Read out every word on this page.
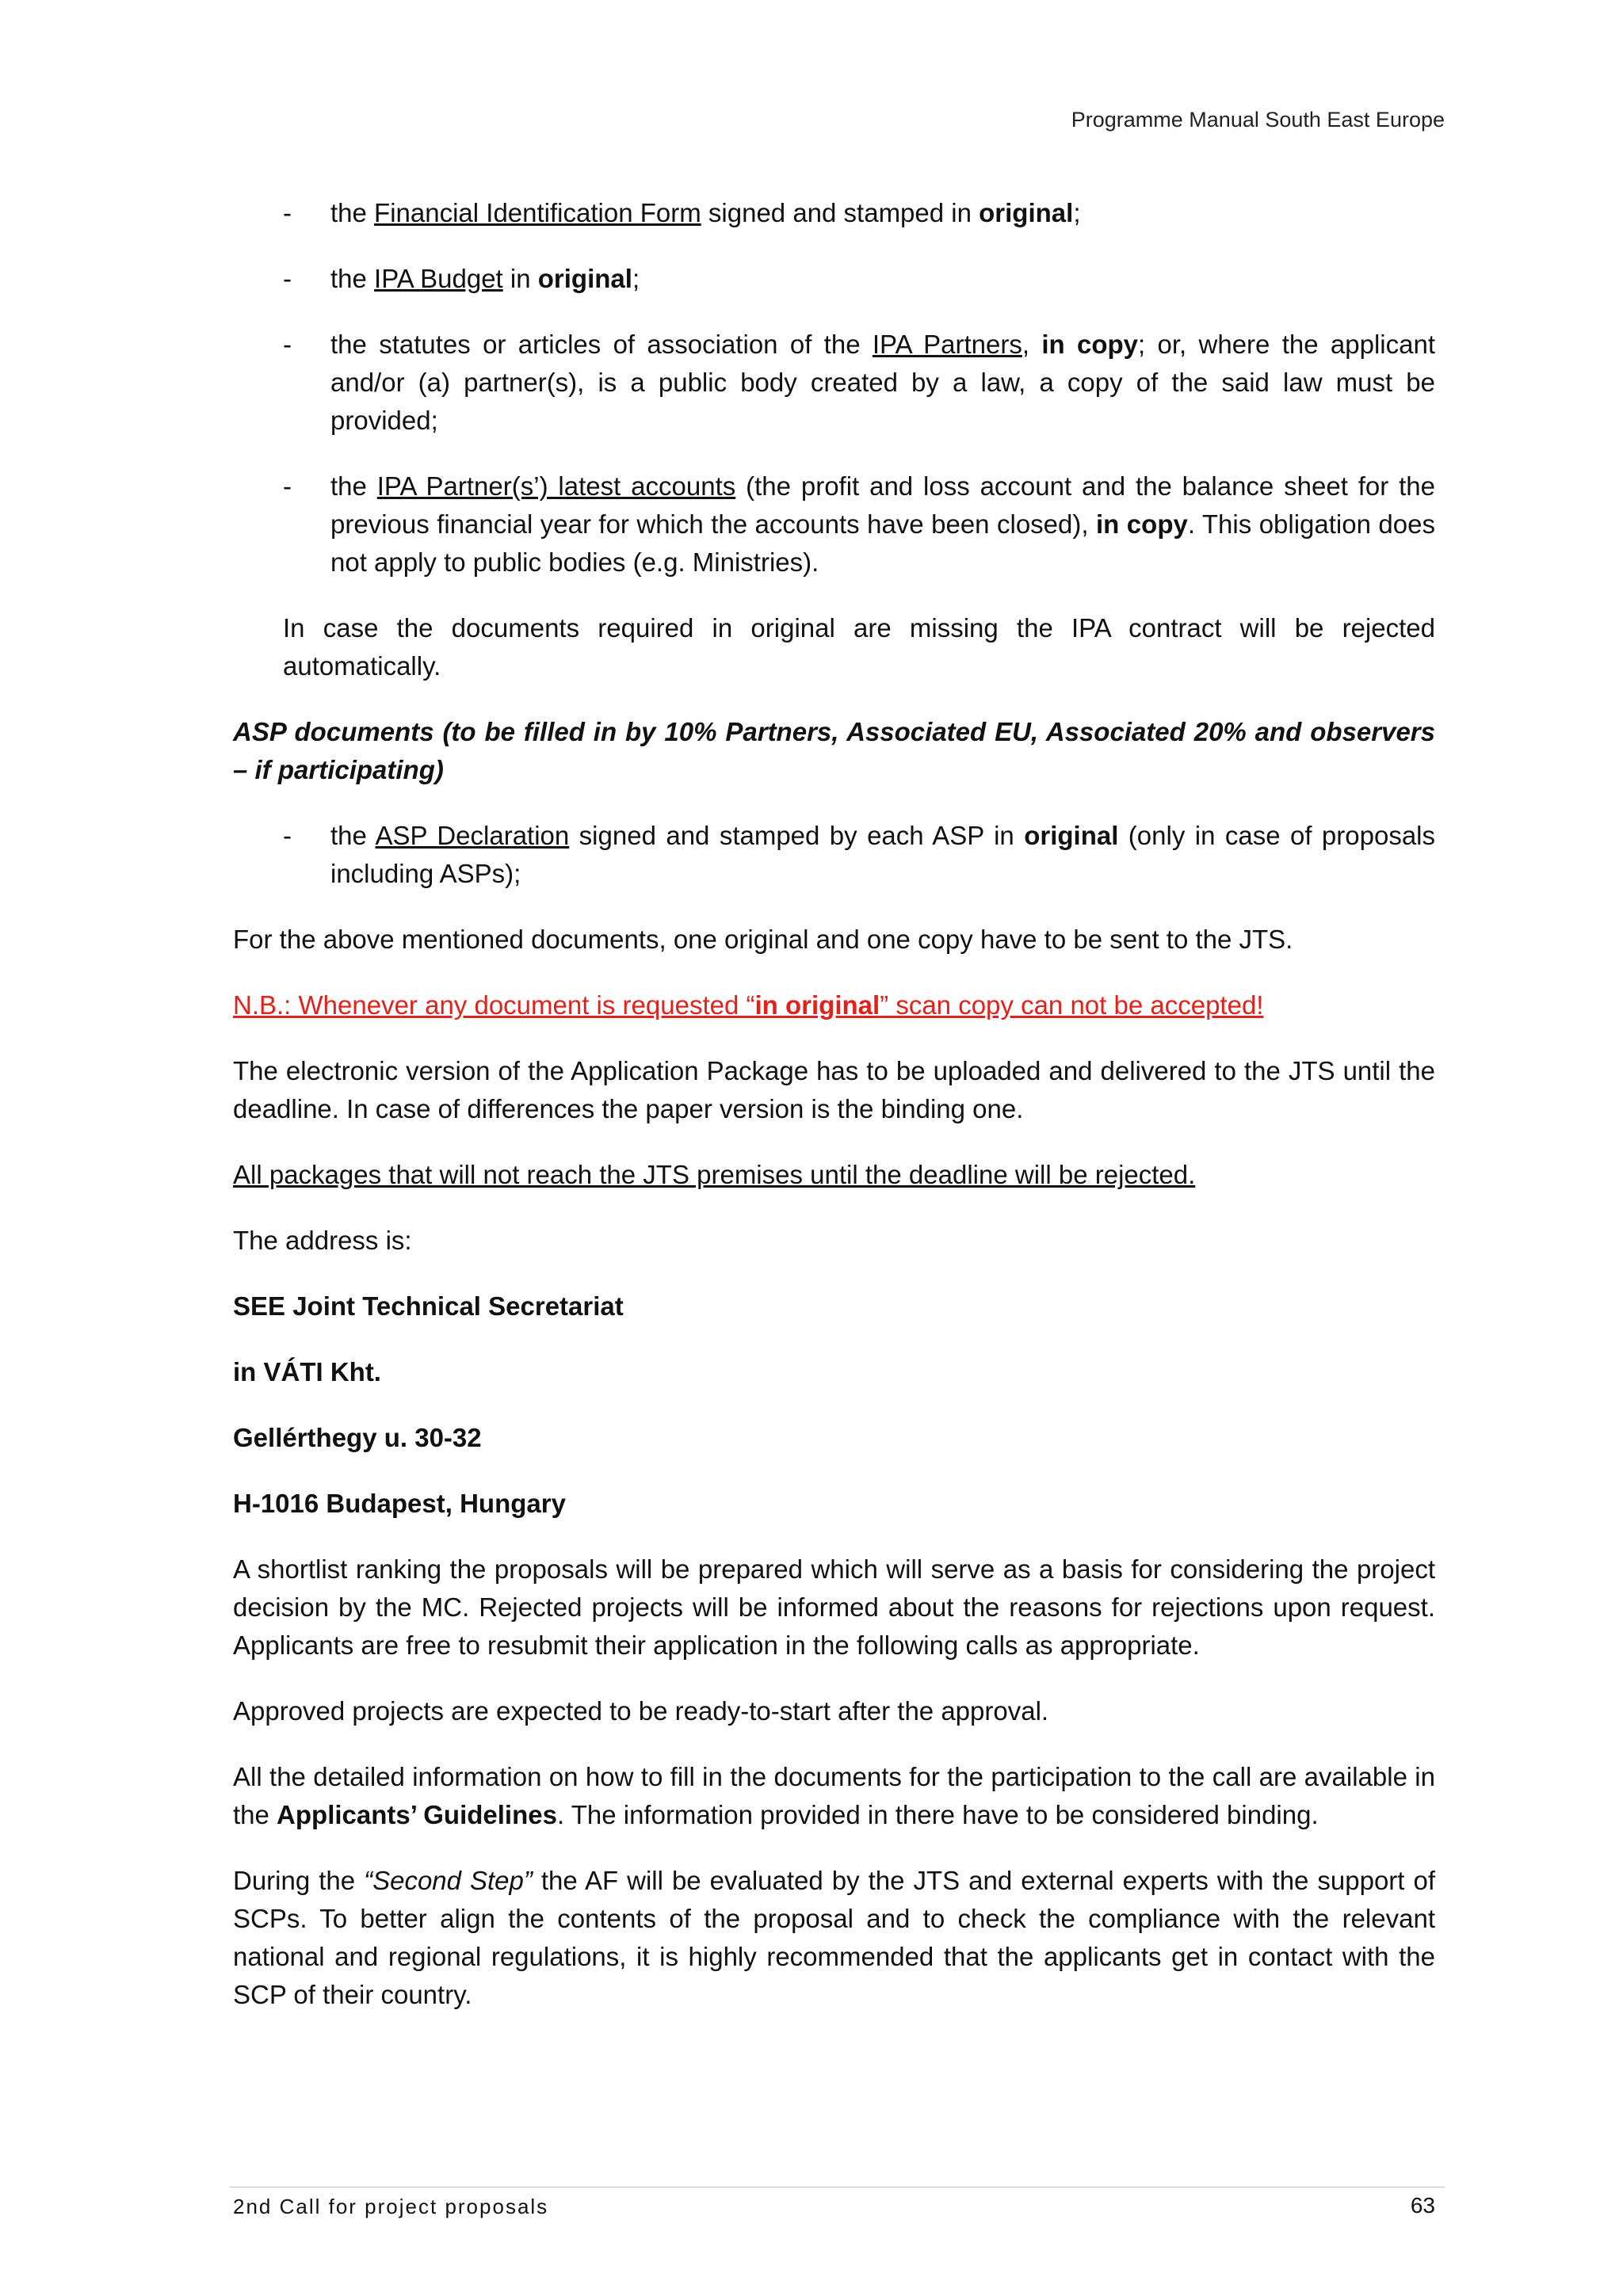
Programme Manual South East Europe
- the Financial Identification Form signed and stamped in original;
- the IPA Budget in original;
- the statutes or articles of association of the IPA Partners, in copy; or, where the applicant and/or (a) partner(s), is a public body created by a law, a copy of the said law must be provided;
- the IPA Partner(s’) latest accounts (the profit and loss account and the balance sheet for the previous financial year for which the accounts have been closed), in copy. This obligation does not apply to public bodies (e.g. Ministries).

In case the documents required in original are missing the IPA contract will be rejected automatically.

ASP documents (to be filled in by 10% Partners, Associated EU, Associated 20% and observers – if participating)

- the ASP Declaration signed and stamped by each ASP in original (only in case of proposals including ASPs);

For the above mentioned documents, one original and one copy have to be sent to the JTS.

N.B.: Whenever any document is requested “in original” scan copy can not be accepted!

The electronic version of the Application Package has to be uploaded and delivered to the JTS until the deadline. In case of differences the paper version is the binding one.

All packages that will not reach the JTS premises until the deadline will be rejected.

The address is:

SEE Joint Technical Secretariat

in VÁTI Kht.

Gellérthegy u. 30-32

H-1016 Budapest, Hungary

A shortlist ranking the proposals will be prepared which will serve as a basis for considering the project decision by the MC. Rejected projects will be informed about the reasons for rejections upon request. Applicants are free to resubmit their application in the following calls as appropriate.

Approved projects are expected to be ready-to-start after the approval.

All the detailed information on how to fill in the documents for the participation to the call are available in the Applicants’ Guidelines. The information provided in there have to be considered binding.

During the “Second Step” the AF will be evaluated by the JTS and external experts with the support of SCPs. To better align the contents of the proposal and to check the compliance with the relevant national and regional regulations, it is highly recommended that the applicants get in contact with the SCP of their country.

2nd Call for project proposals	63
